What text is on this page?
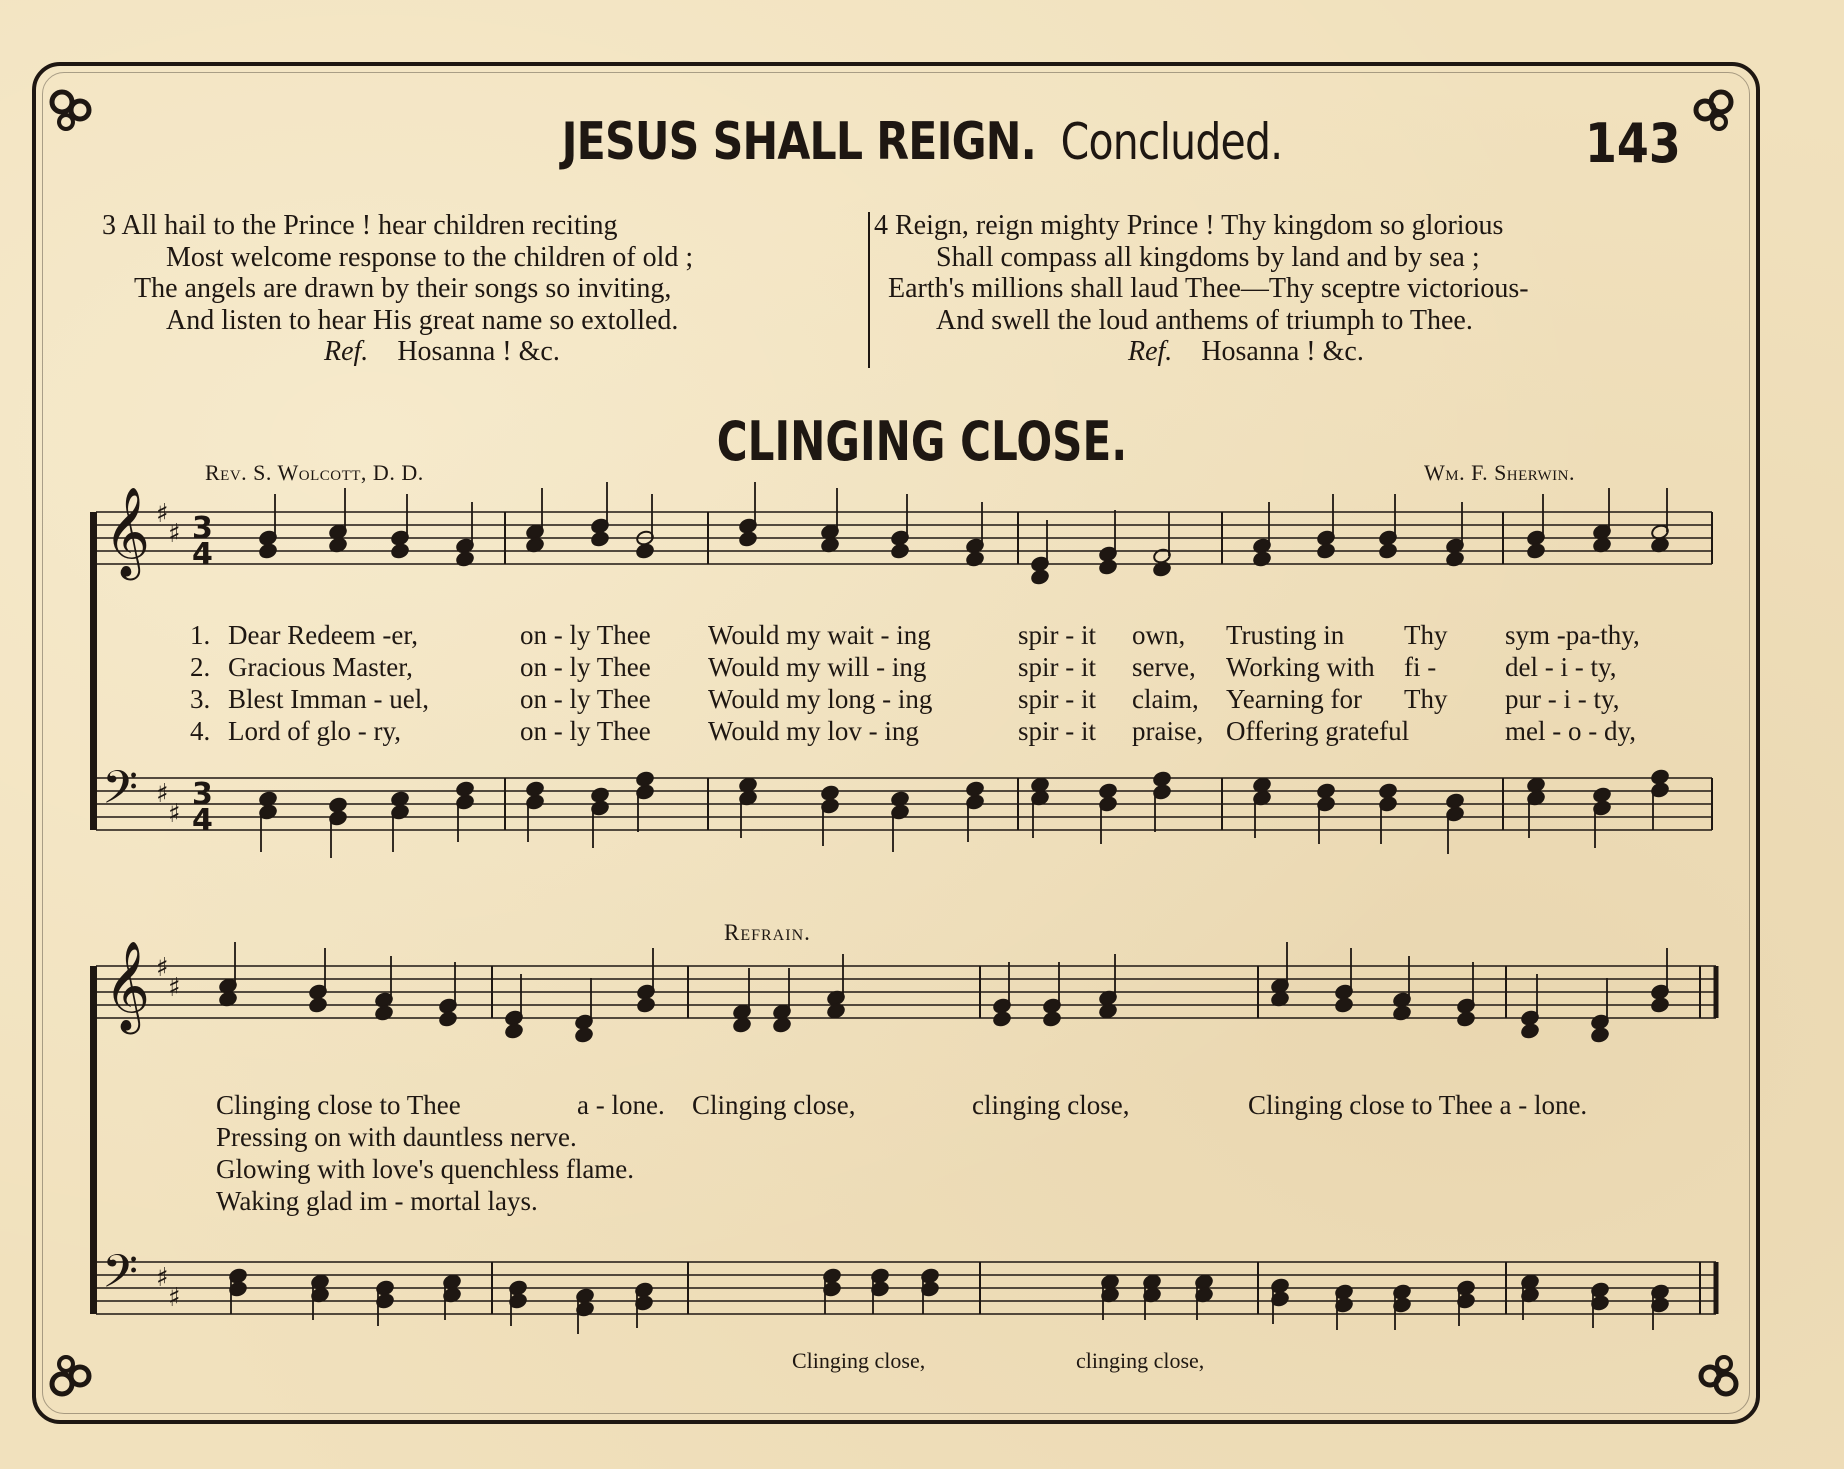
JESUS SHALL REIGN. Concluded.	143
3 All hail to the Prince ! hear children reciting
Most welcome response to the children of old ;
The angels are drawn by their songs so inviting,
And listen to hear His great name so extolled.
Ref. Hosanna ! &c.
4 Reign, reign mighty Prince ! Thy kingdom so glorious
Shall compass all kingdoms by land and by sea ;
Earth's millions shall laud Thee—Thy sceptre victorious-
And swell the loud anthems of triumph to Thee.
Ref. Hosanna ! &c.
CLINGING CLOSE.
Rev. S. Wolcott, D. D.	Wm. F. Sherwin.
𝄞
𝄢
♯
♯
♯
♯
3
4
3
4
𝄞
𝄢
♯
♯
♯
♯
1. Dear Redeem -er,	on - ly Thee Would my wait - ing	spir - it own, Trusting in Thy sym -pa-thy,
2. Gracious Master,	on - ly Thee Would my will - ing	spir - it serve, Working with fi -	del - i - ty,
3. Blest Imman - uel,	on - ly Thee Would my long - ing	spir - it claim, Yearning for Thy pur - i - ty,
4. Lord of glo - ry,	on - ly Thee Would my lov - ing	spir - it praise, Offering grateful	mel - o - dy,
Refrain.
Clinging close to Thee	a - lone. Clinging close,	clinging close,	Clinging close to Thee a - lone.
Pressing on with dauntless nerve.
Glowing with love's quenchless flame.
Waking glad im - mortal lays.
Clinging close,	clinging close,
